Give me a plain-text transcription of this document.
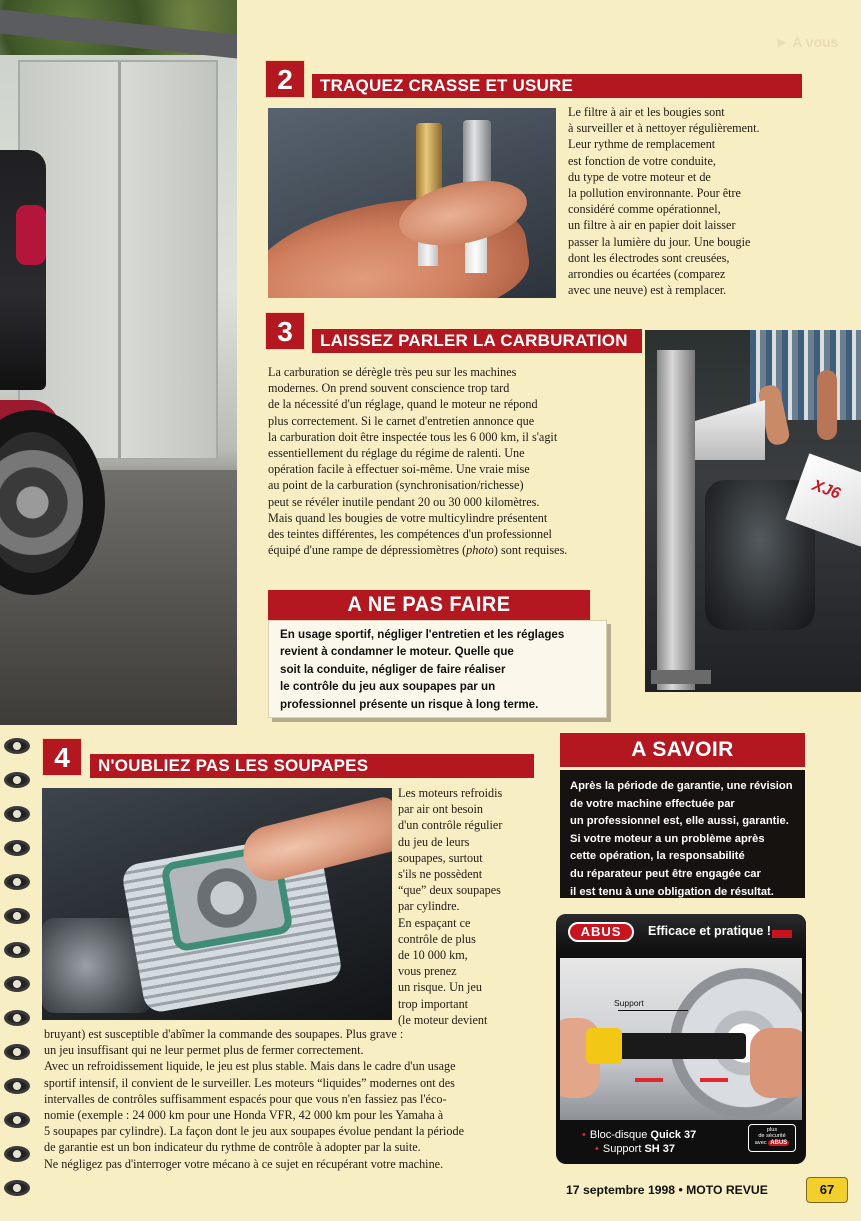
► A vous
2	TRAQUEZ CRASSE ET USURE
Le filtre à air et les bougies sont
à surveiller et à nettoyer régulièrement.
Leur rythme de remplacement
est fonction de votre conduite,
du type de votre moteur et de
la pollution environnante. Pour être
considéré comme opérationnel,
un filtre à air en papier doit laisser
passer la lumière du jour. Une bougie
dont les électrodes sont creusées,
arrondies ou écartées (comparez
avec une neuve) est à remplacer.
3	LAISSEZ PARLER LA CARBURATION
XJ6
La carburation se dérègle très peu sur les machines
modernes. On prend souvent conscience trop tard
de la nécessité d'un réglage, quand le moteur ne répond
plus correctement. Si le carnet d'entretien annonce que
la carburation doit être inspectée tous les 6 000 km, il s'agit
essentiellement du réglage du régime de ralenti. Une
opération facile à effectuer soi-même. Une vraie mise
au point de la carburation (synchronisation/richesse)
peut se révéler inutile pendant 20 ou 30 000 kilomètres.
Mais quand les bougies de votre multicylindre présentent
des teintes différentes, les compétences d'un professionnel
équipé d'une rampe de dépressiomètres (photo) sont requises.
A NE PAS FAIRE
En usage sportif, négliger l'entretien et les réglages
revient à condamner le moteur. Quelle que
soit la conduite, négliger de faire réaliser
le contrôle du jeu aux soupapes par un
professionnel présente un risque à long terme.
4	N'OUBLIEZ PAS LES SOUPAPES
Les moteurs refroidis
par air ont besoin
d'un contrôle régulier
du jeu de leurs
soupapes, surtout
s'ils ne possèdent
“que” deux soupapes
par cylindre.
En espaçant ce
contrôle de plus
de 10 000 km,
vous prenez
un risque. Un jeu
trop important
(le moteur devient
bruyant) est susceptible d'abîmer la commande des soupapes. Plus grave :
un jeu insuffisant qui ne leur permet plus de fermer correctement.
Avec un refroidissement liquide, le jeu est plus stable. Mais dans le cadre d'un usage
sportif intensif, il convient de le surveiller. Les moteurs “liquides” modernes ont des
intervalles de contrôles suffisamment espacés pour que vous n'en fassiez pas l'éco-
nomie (exemple : 24 000 km pour une Honda VFR, 42 000 km pour les Yamaha à
5 soupapes par cylindre). La façon dont le jeu aux soupapes évolue pendant la période
de garantie est un bon indicateur du rythme de contrôle à adopter par la suite.
Ne négligez pas d'interroger votre mécano à ce sujet en récupérant votre machine.
A SAVOIR
Après la période de garantie, une révision
de votre machine effectuée par
un professionnel est, elle aussi, garantie.
Si votre moteur a un problème après
cette opération, la responsabilité
du réparateur peut être engagée car
il est tenu à une obligation de résultat.
ABUS	Efficace et pratique !
Support
• Bloc-disque Quick 37
• Support SH 37
plus
de sécurité
avec ABUS
17 septembre 1998 • MOTO REVUE	67
